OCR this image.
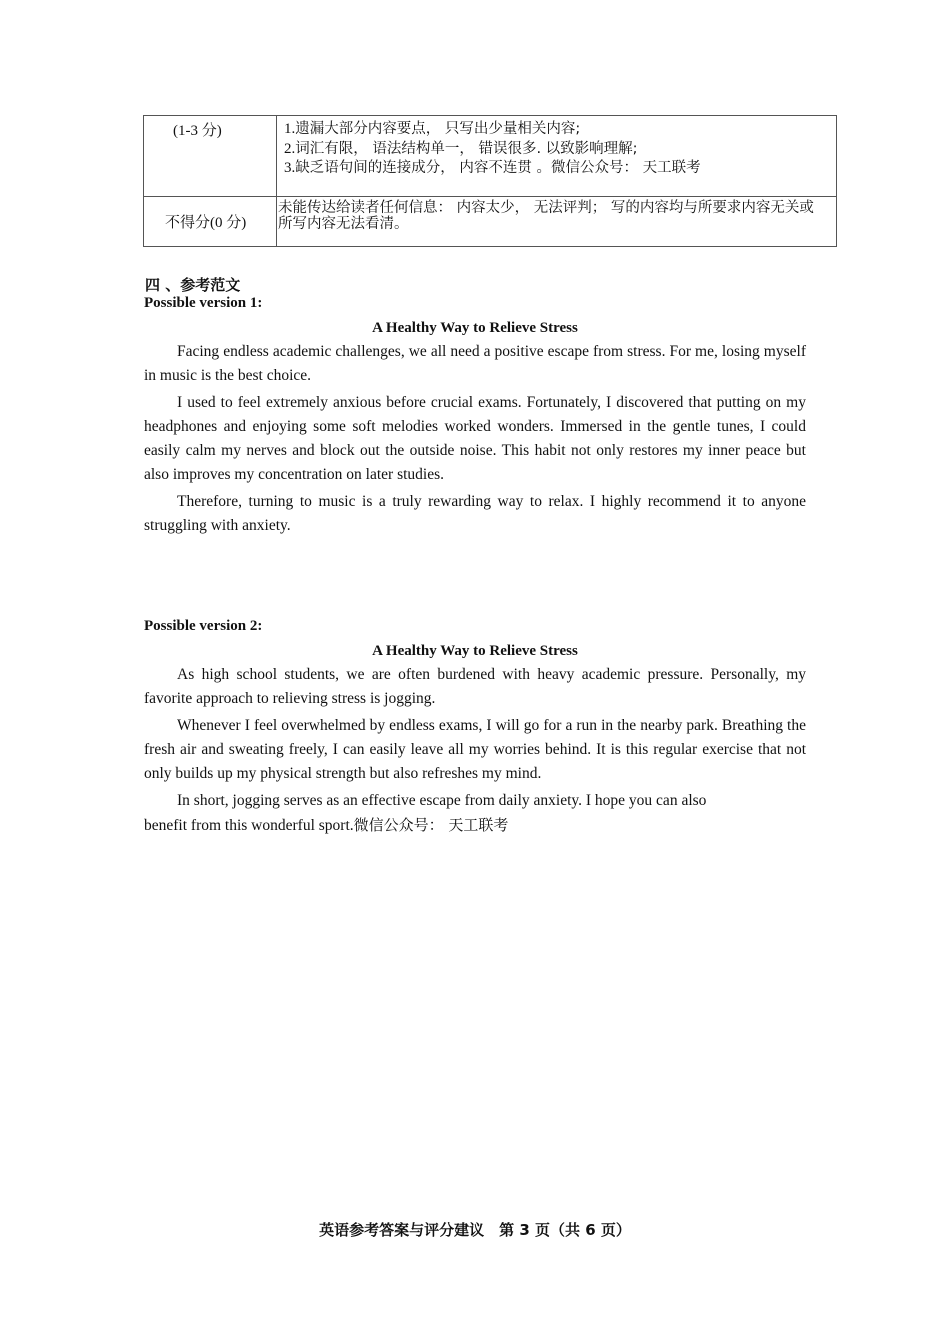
(1-3 分)	1.遗漏大部分内容要点， 只写出少量相关内容;
2.词汇有限， 语法结构单一， 错误很多. 以致影响理解;
3.缺乏语句间的连接成分， 内容不连贯 。微信公众号： 天工联考

不得分(0 分)	未能传达给读者任何信息： 内容太少， 无法评判； 写的内容均与所要求内容无关或所写内容无法看清。
四 、参考范文
Possible version 1:
A Healthy Way to Relieve Stress

Facing endless academic challenges, we all need a positive escape from stress. For me, losing myself in music is the best choice.

I used to feel extremely anxious before crucial exams. Fortunately, I discovered that putting on my headphones and enjoying some soft melodies worked wonders. Immersed in the gentle tunes, I could easily calm my nerves and block out the outside noise. This habit not only restores my inner peace but also improves my concentration on later studies.

Therefore, turning to music is a truly rewarding way to relax. I highly recommend it to anyone struggling with anxiety.

Possible version 2:
A Healthy Way to Relieve Stress

As high school students, we are often burdened with heavy academic pressure. Personally, my favorite approach to relieving stress is jogging.

Whenever I feel overwhelmed by endless exams, I will go for a run in the nearby park. Breathing the fresh air and sweating freely, I can easily leave all my worries behind. It is this regular exercise that not only builds up my physical strength but also refreshes my mind.

In short, jogging serves as an effective escape from daily anxiety. I hope you can also
benefit from this wonderful sport.微信公众号： 天工联考
英语参考答案与评分建议　第 3 页（共 6 页）
